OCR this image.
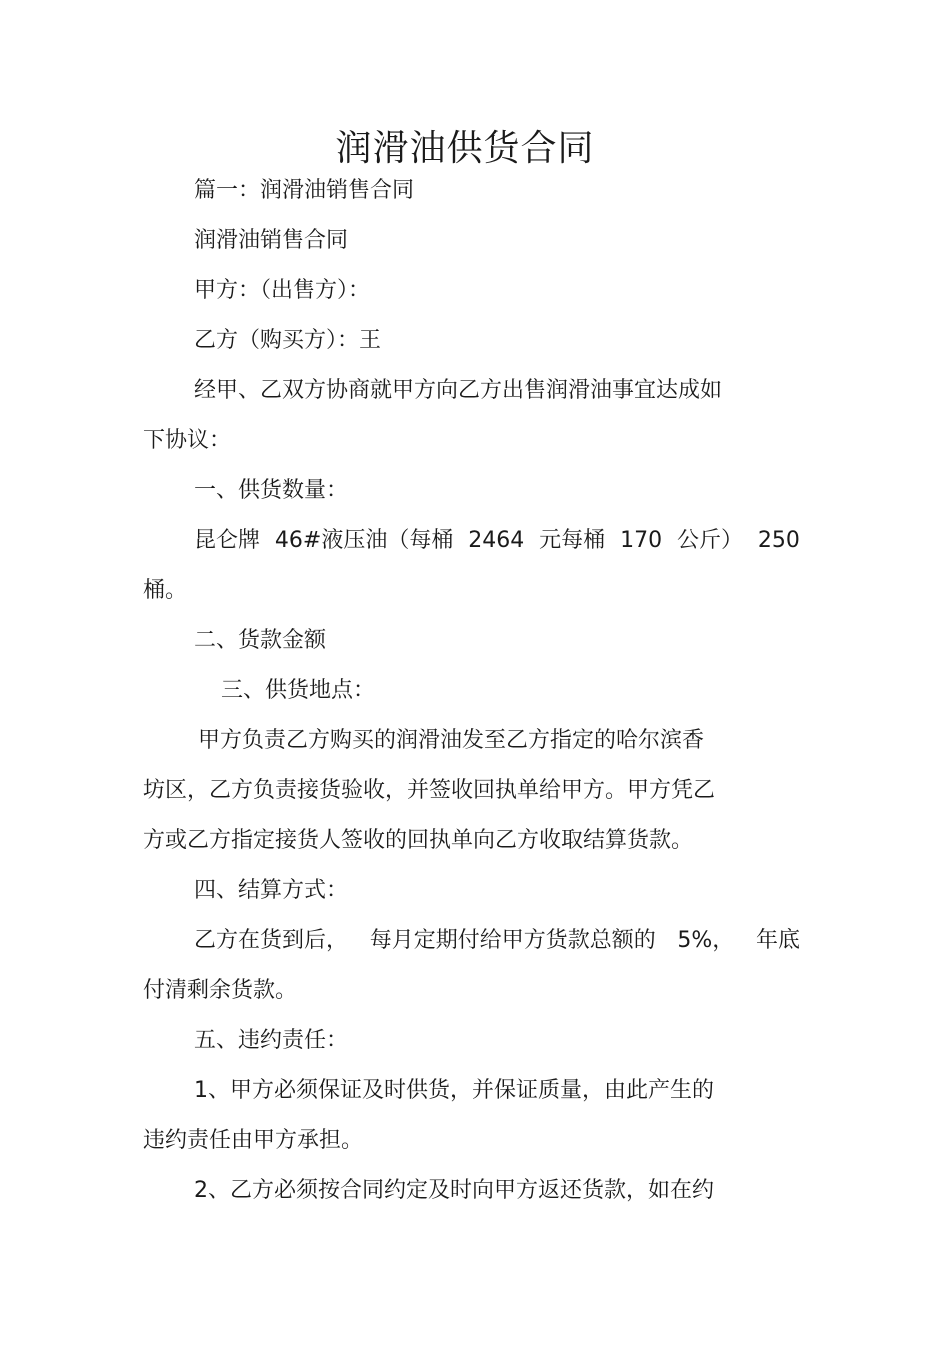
润滑油供货合同
篇一：润滑油销售合同
润滑油销售合同
甲方：（出售方）：
乙方（购买方）：王
经甲、乙双方协商就甲方向乙方出售润滑油事宜达成如
下协议：
一、供货数量：
昆仑牌 46#液压油（每桶 2464 元每桶 170 公斤） 250
桶。
二、货款金额
三、供货地点：
甲方负责乙方购买的润滑油发至乙方指定的哈尔滨香
坊区，乙方负责接货验收，并签收回执单给甲方。甲方凭乙
方或乙方指定接货人签收的回执单向乙方收取结算货款。
四、结算方式：
乙方在货到后， 每月定期付给甲方货款总额的 5%， 年底
付清剩余货款。
五、违约责任：
1、甲方必须保证及时供货，并保证质量，由此产生的
违约责任由甲方承担。
2、乙方必须按合同约定及时向甲方返还货款，如在约
